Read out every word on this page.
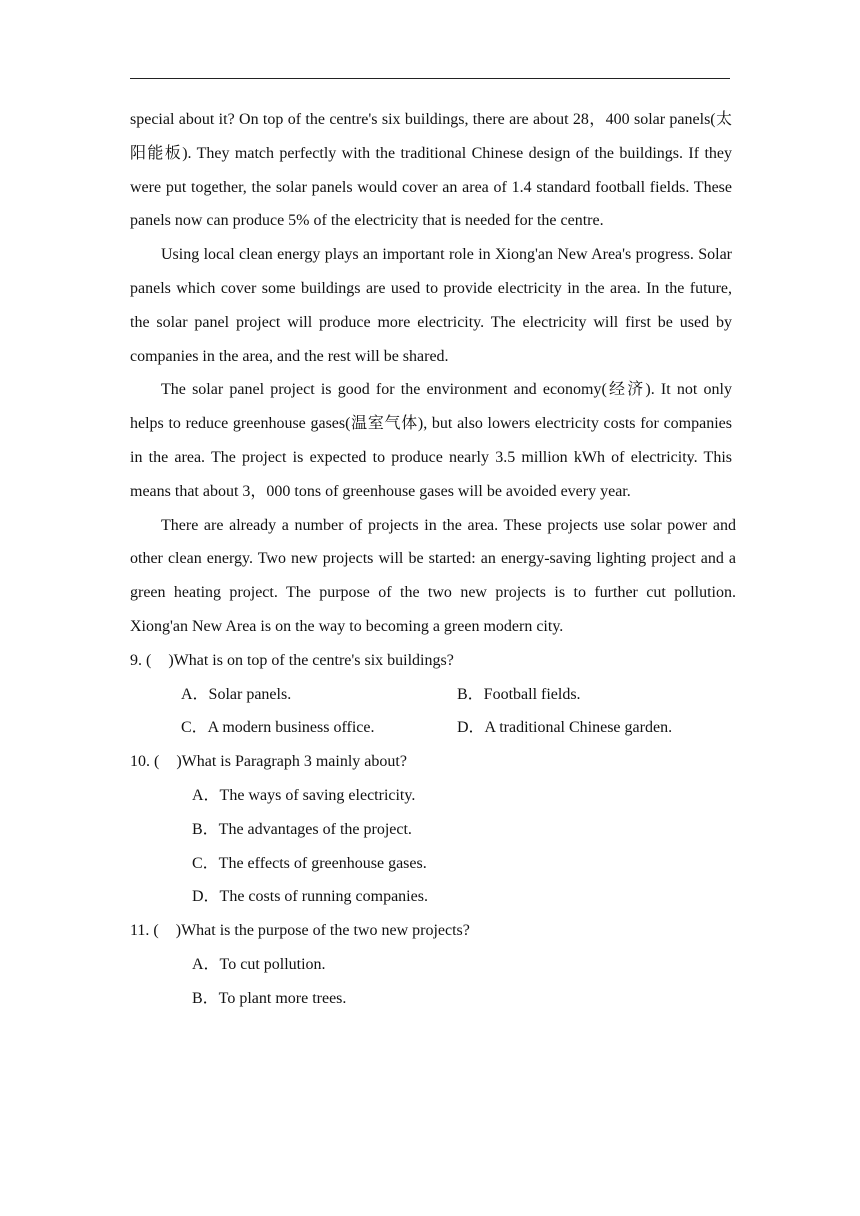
special about it? On top of the centre's six buildings, there are about 28，400 solar panels(太阳能板). They match perfectly with the traditional Chinese design of the buildings. If they were put together, the solar panels would cover an area of 1.4 standard football fields. These panels now can produce 5% of the electricity that is needed for the centre.

Using local clean energy plays an important role in Xiong'an New Area's progress. Solar panels which cover some buildings are used to provide electricity in the area. In the future, the solar panel project will produce more electricity. The electricity will first be used by companies in the area, and the rest will be shared.

The solar panel project is good for the environment and economy(经济). It not only helps to reduce greenhouse gases(温室气体), but also lowers electricity costs for companies in the area. The project is expected to produce nearly 3.5 million kWh of electricity. This means that about 3，000 tons of greenhouse gases will be avoided every year.

There are already a number of projects in the area. These projects use solar power and other clean energy. Two new projects will be started: an energy-saving lighting project and a green heating project. The purpose of the two new projects is to further cut pollution. Xiong'an New Area is on the way to becoming a green modern city.

9. ( )What is on top of the centre's six buildings?
A．Solar panels.	B．Football fields.
C．A modern business office.	D．A traditional Chinese garden.
10. ( )What is Paragraph 3 mainly about?
A．The ways of saving electricity.
B．The advantages of the project.
C．The effects of greenhouse gases.
D．The costs of running companies.
11. ( )What is the purpose of the two new projects?
A．To cut pollution.
B．To plant more trees.
